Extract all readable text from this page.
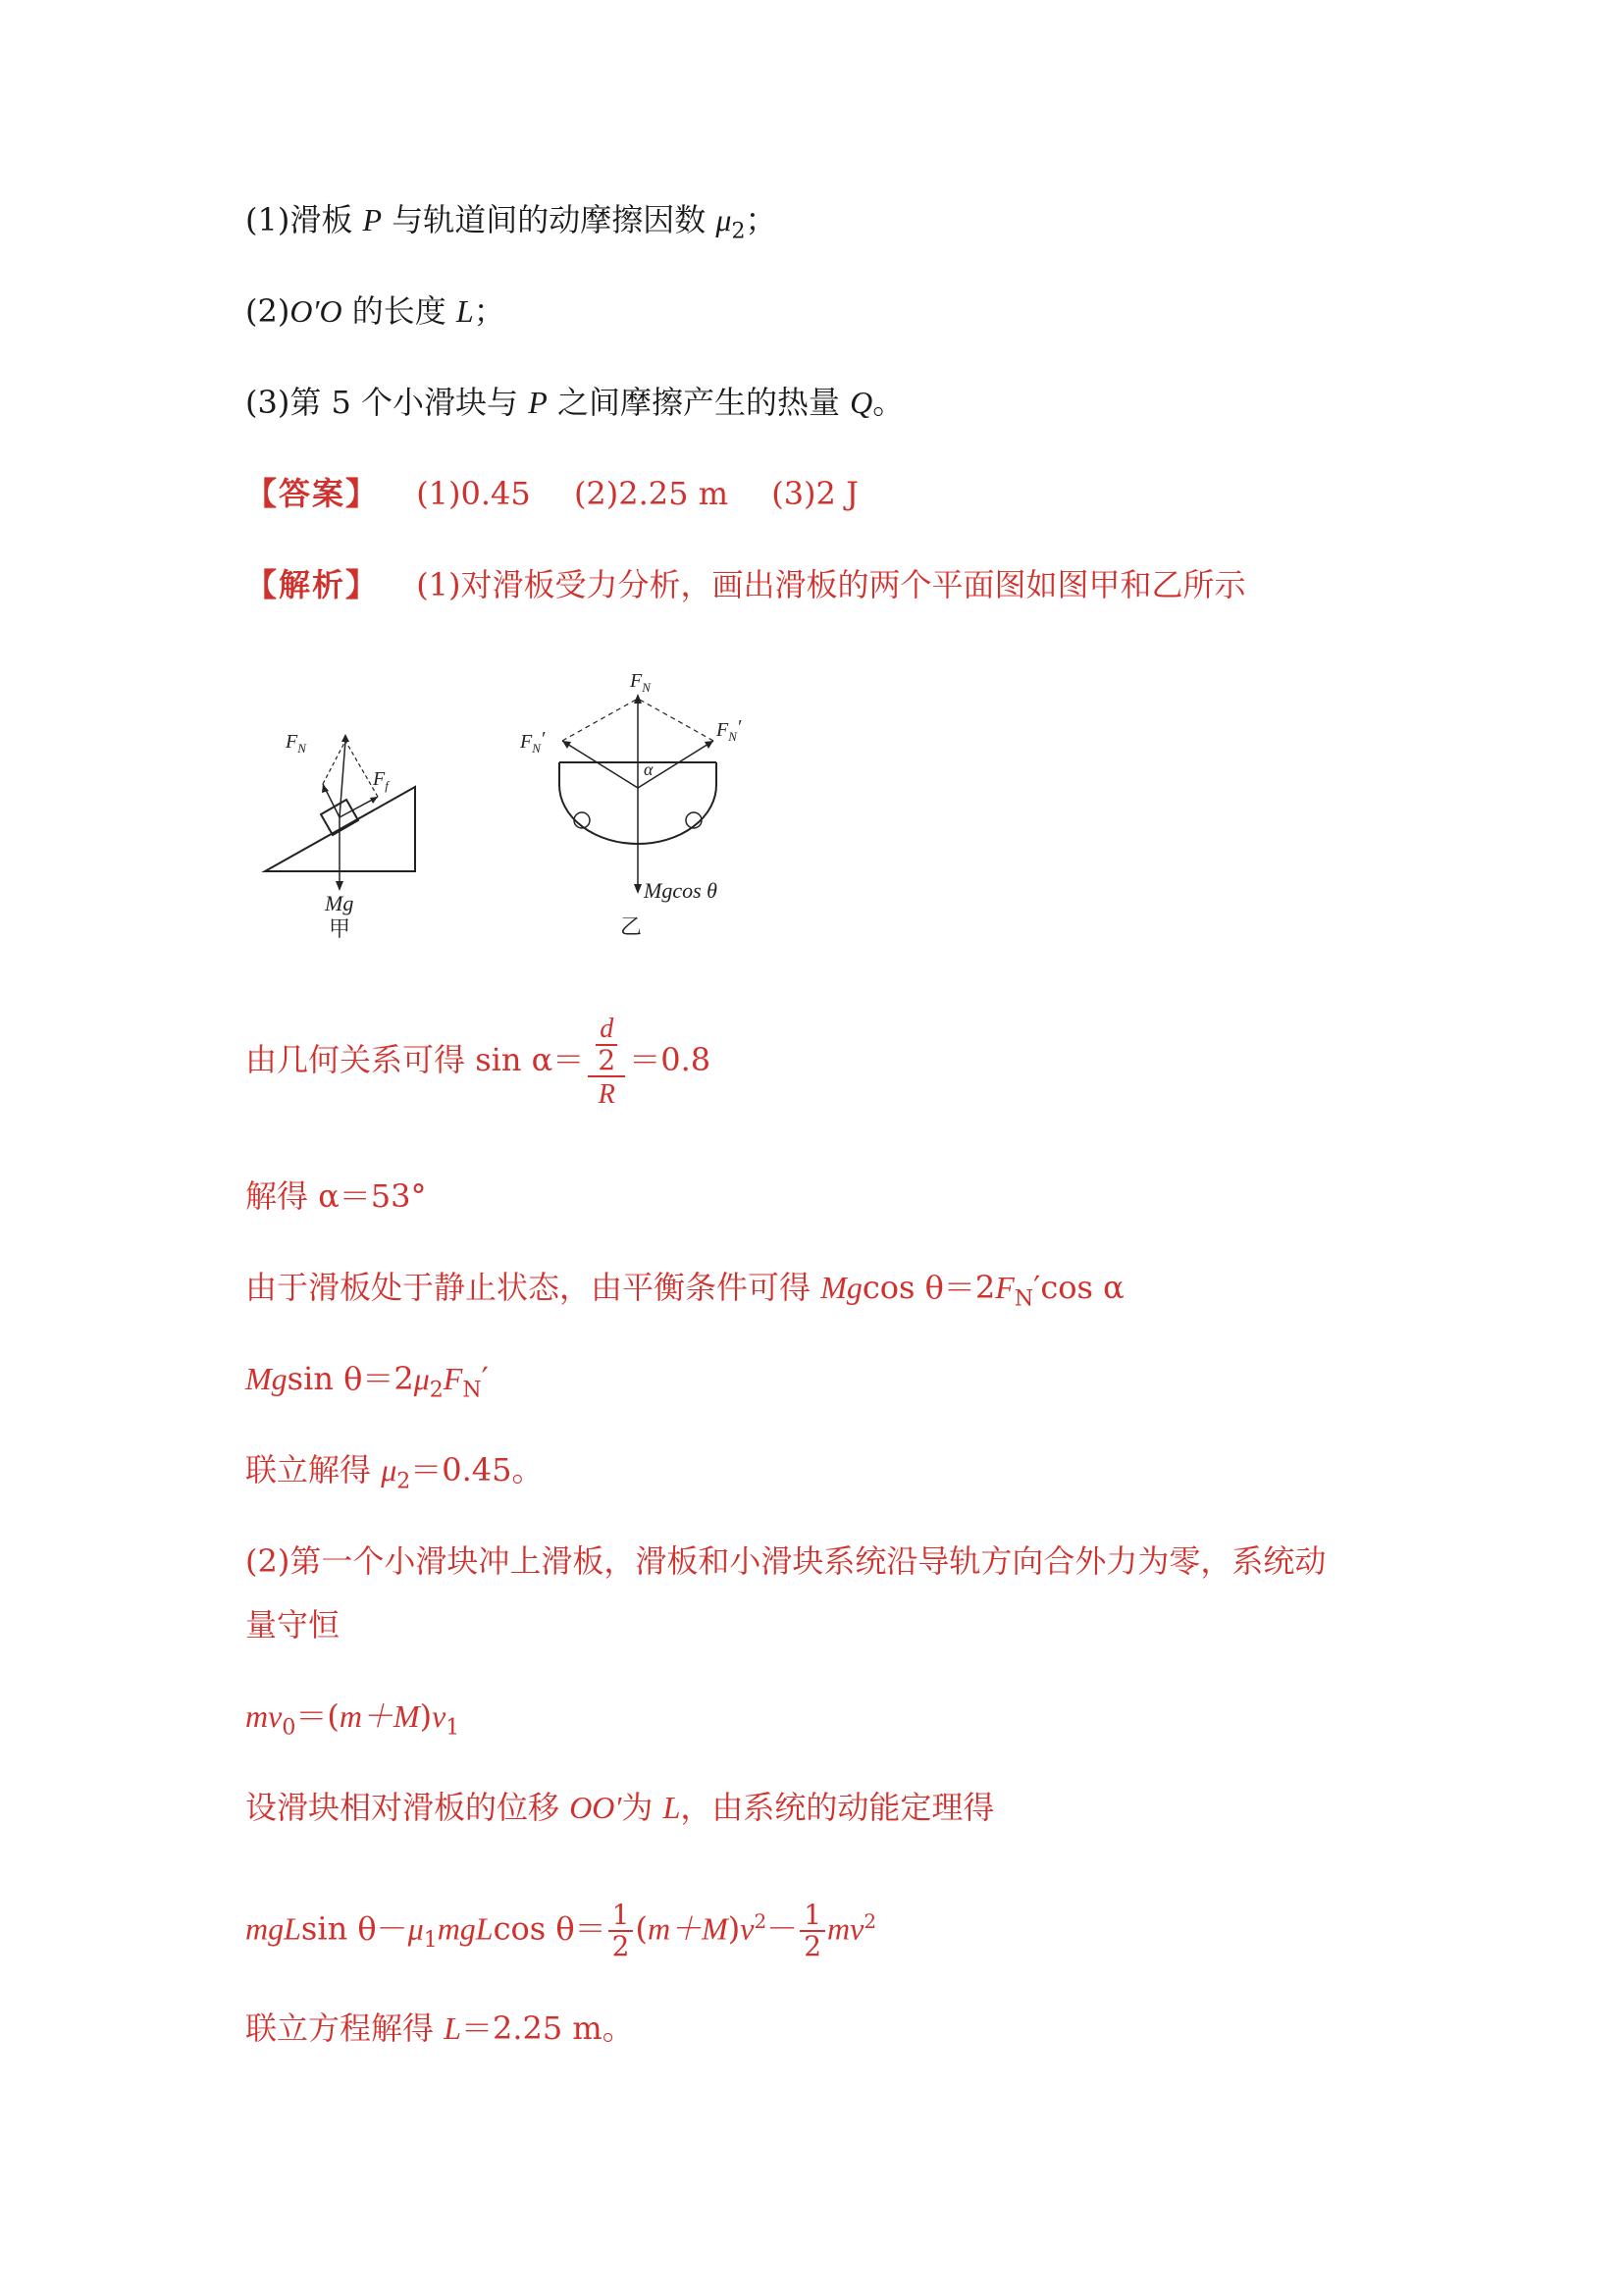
(1)滑板 P 与轨道间的动摩擦因数 $\mu_2$；
(2)O′O 的长度 L；
(3)第 5 个小滑块与 P 之间摩擦产生的热量 Q。
【答案】 (1)0.45 (2)2.25 m (3)2 J
【解析】 (1)对滑板受力分析，画出滑板的两个平面图如图甲和乙所示
$F_N$
$F_f$
Mg
甲
$F_N$
$F_N'$	$F_N'$
α
Mgcos θ
乙
由几何关系可得 $\sin \alpha= \frac{\frac{d}{2}}{R} =0.8$
解得 α＝53°
由于滑板处于静止状态，由平衡条件可得 Mgcos $\theta=2F_N'\cos$ α
Mgsin $\theta=2\mu_2F_N'$
联立解得 $\mu_2=0.45$。
(2)第一个小滑块冲上滑板，滑板和小滑块系统沿导轨方向合外力为零，系统动
量守恒
$mv_0=(m+M)v_1$
设滑块相对滑板的位移 OO′为 L，由系统的动能定理得
mgLsin $\theta-\mu_1mgLcos$ $\theta= \frac{1}{2} (m+M)v^2- \frac{1}{2} mv^2$
联立方程解得 L＝2.25 m。
